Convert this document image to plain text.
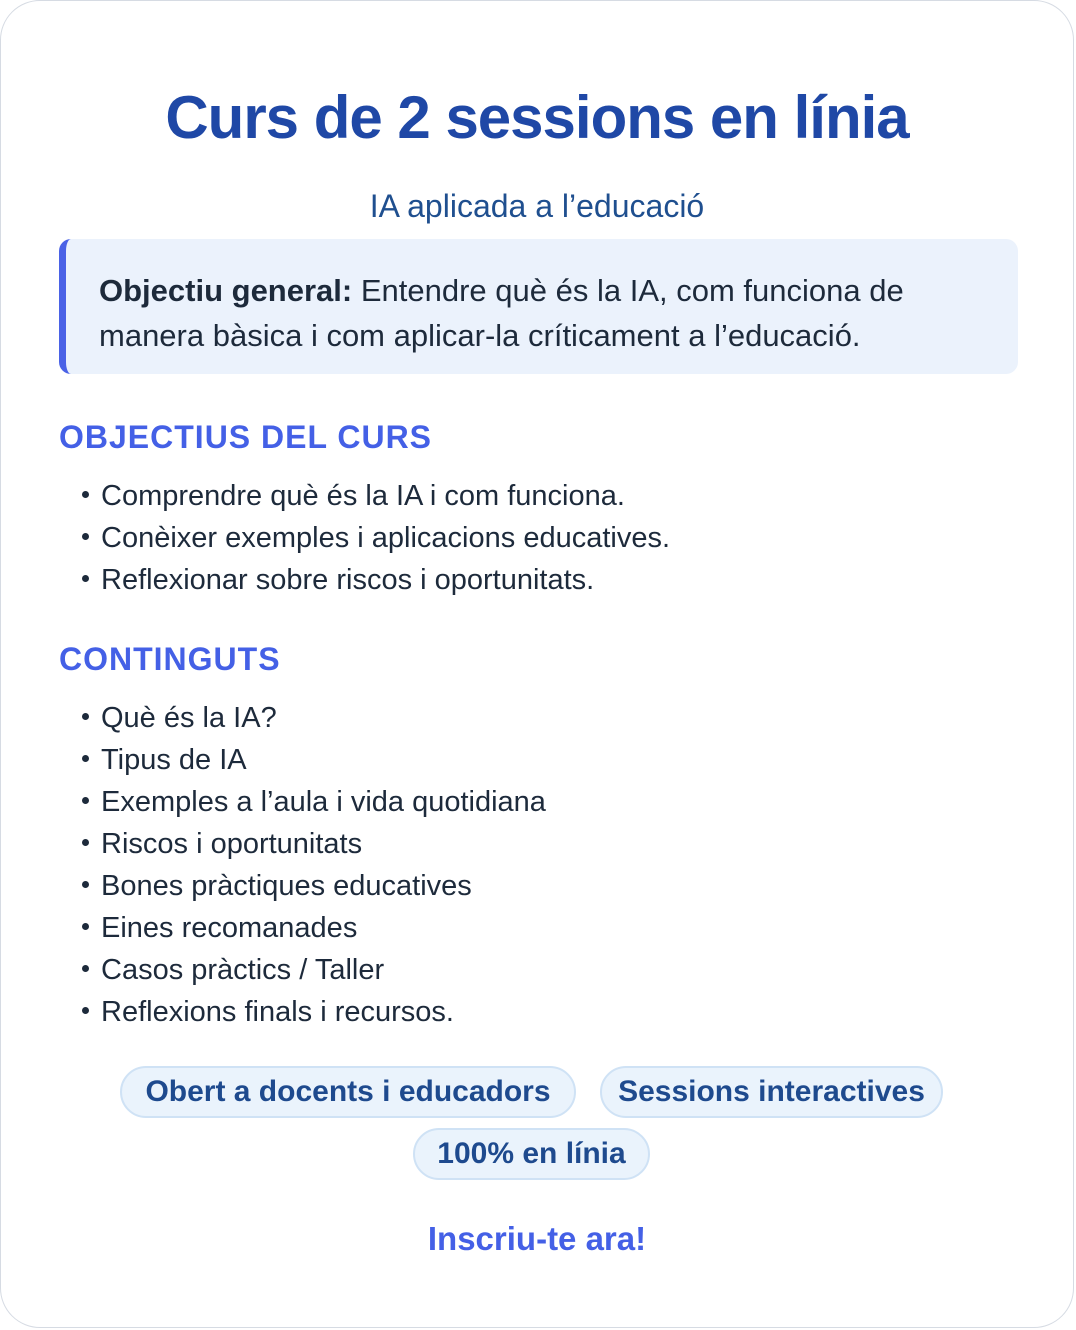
Curs de 2 sessions en línia

IA aplicada a l’educació

Objectiu general: Entendre què és la IA, com funciona de manera bàsica i com aplicar-la críticament a l’educació.
OBJECTIUS DEL CURS
Comprendre què és la IA i com funciona.
Conèixer exemples i aplicacions educatives.
Reflexionar sobre riscos i oportunitats.
CONTINGUTS
Què és la IA?
Tipus de IA
Exemples a l’aula i vida quotidiana
Riscos i oportunitats
Bones pràctiques educatives
Eines recomanades
Casos pràctics / Taller
Reflexions finals i recursos.
Obert a docents i educadors	Sessions interactives
100% en línia
Inscriu-te ara!
